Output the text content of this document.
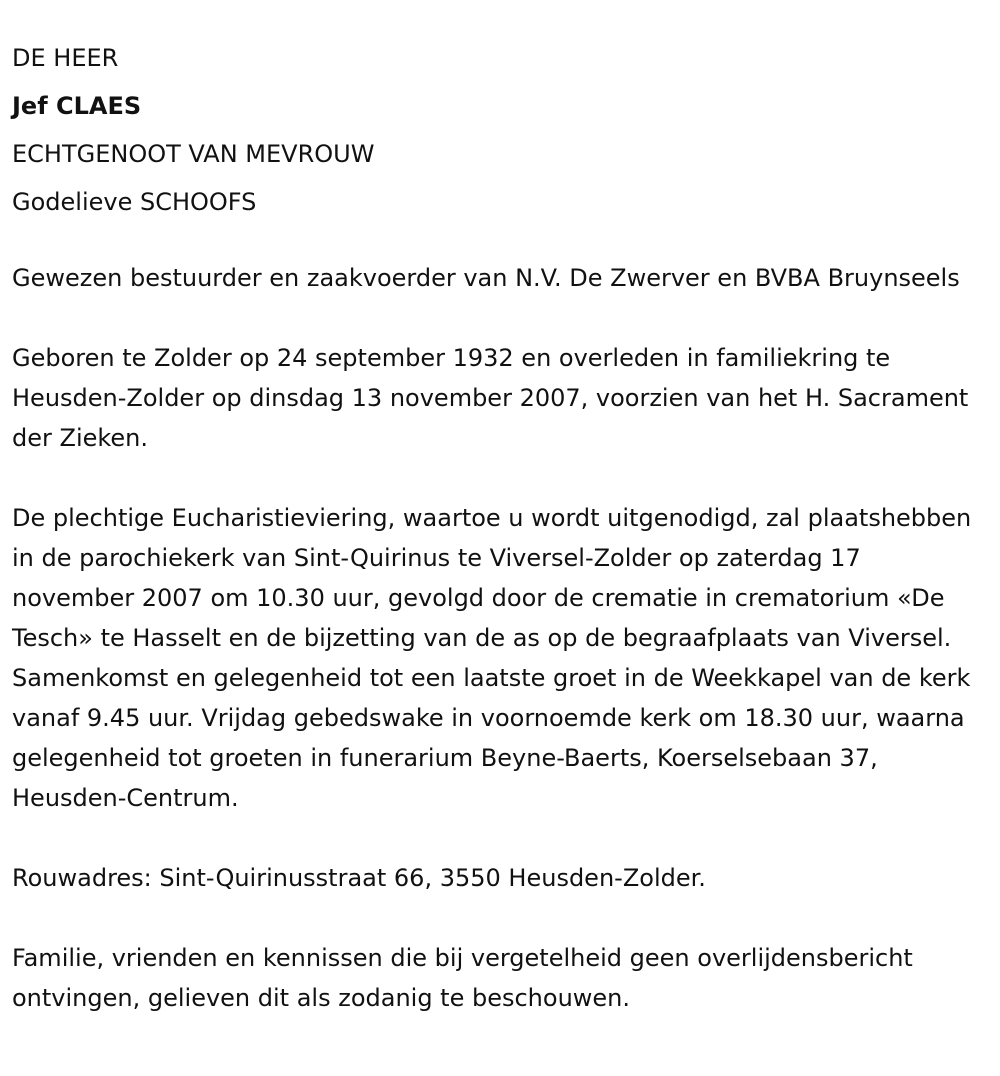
DE HEER

Jef CLAES

ECHTGENOOT VAN MEVROUW

Godelieve SCHOOFS

Gewezen bestuurder en zaakvoerder van N.V. De Zwerver en BVBA Bruynseels

Geboren te Zolder op 24 september 1932 en overleden in familiekring te Heusden-Zolder op dinsdag 13 november 2007, voorzien van het H. Sacrament der Zieken.

De plechtige Eucharistieviering, waartoe u wordt uitgenodigd, zal plaatshebben in de parochiekerk van Sint-Quirinus te Viversel-Zolder op zaterdag 17 november 2007 om 10.30 uur, gevolgd door de crematie in crematorium «De Tesch» te Hasselt en de bijzetting van de as op de begraafplaats van Viversel. Samenkomst en gelegenheid tot een laatste groet in de Weekkapel van de kerk vanaf 9.45 uur. Vrijdag gebedswake in voornoemde kerk om 18.30 uur, waarna gelegenheid tot groeten in funerarium Beyne-Baerts, Koerselsebaan 37, Heusden-Centrum.

Rouwadres: Sint-Quirinusstraat 66, 3550 Heusden-Zolder.

Familie, vrienden en kennissen die bij vergetelheid geen overlijdensbericht ontvingen, gelieven dit als zodanig te beschouwen.
